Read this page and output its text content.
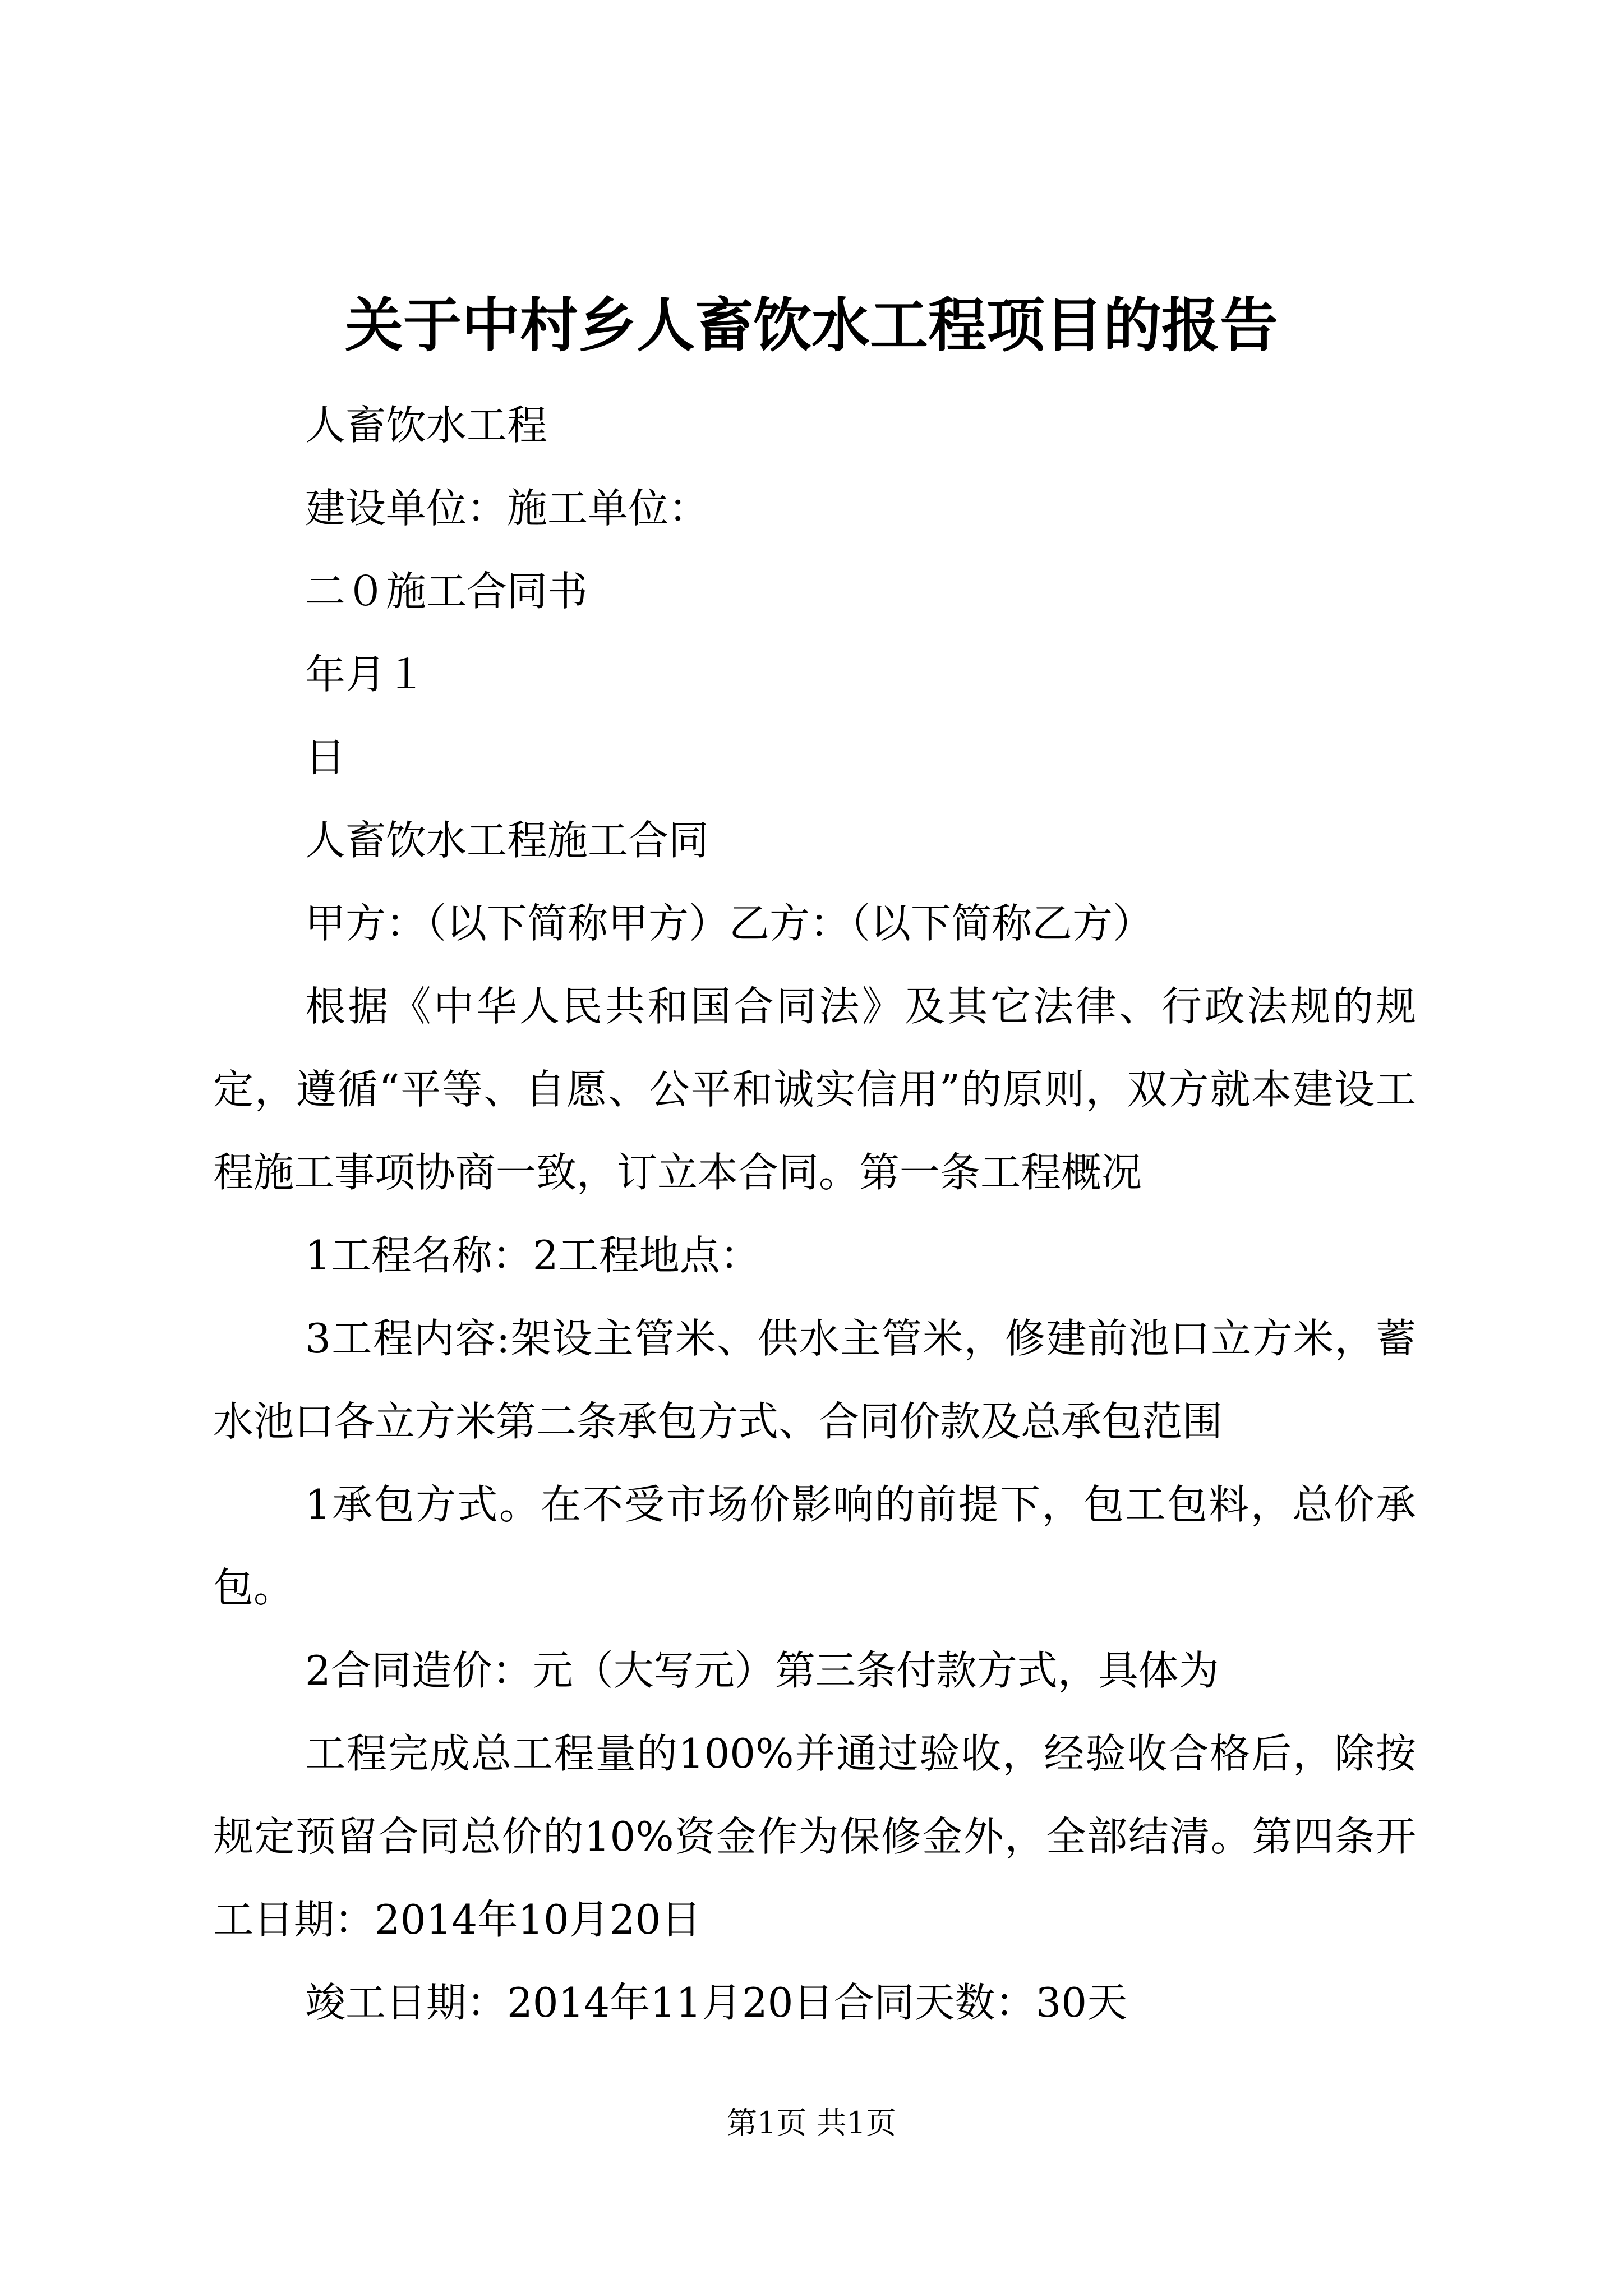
关于中村乡人畜饮水工程项目的报告

人畜饮水工程

建设单位：施工单位：

二０施工合同书

年月１

日

人畜饮水工程施工合同

甲方：（以下简称甲方）乙方：（以下简称乙方）

根据《中华人民共和国合同法》及其它法律、行政法规的规定，遵循“平等、自愿、公平和诚实信用”的原则，双方就本建设工程施工事项协商一致，订立本合同。第一条工程概况

1工程名称：2工程地点：

3工程内容:架设主管米、供水主管米，修建前池口立方米，蓄水池口各立方米第二条承包方式、合同价款及总承包范围

1承包方式。在不受市场价影响的前提下，包工包料，总价承包。

2合同造价：元（大写元）第三条付款方式，具体为

工程完成总工程量的100%并通过验收，经验收合格后，除按规定预留合同总价的10%资金作为保修金外，全部结清。第四条开工日期：2014年10月20日

竣工日期：2014年11月20日合同天数：30天

第1页 共1页
